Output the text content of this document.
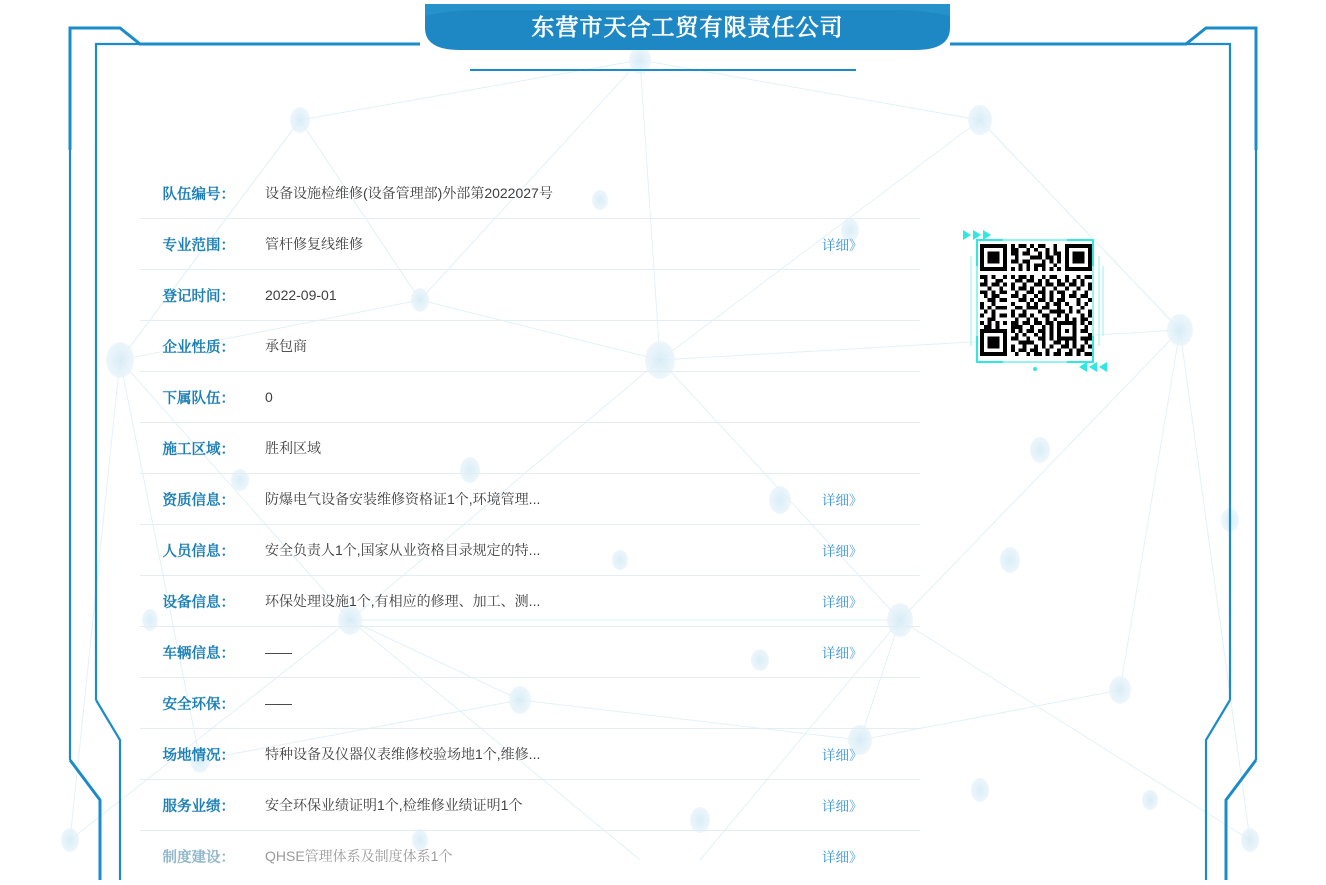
东营市天合工贸有限责任公司
队伍编号：	设备设施检维修(设备管理部)外部第2022027号
专业范围：	管杆修复线维修	详细》
登记时间：	2022-09-01
企业性质：	承包商
下属队伍：	0
施工区域：	胜利区域
资质信息：	防爆电气设备安装维修资格证1个,环境管理...	详细》
人员信息：	安全负责人1个,国家从业资格目录规定的特...	详细》
设备信息：	环保处理设施1个,有相应的修理、加工、测...	详细》
车辆信息：	——	详细》
安全环保：	——
场地情况：	特种设备及仪器仪表维修校验场地1个,维修...	详细》
服务业绩：	安全环保业绩证明1个,检维修业绩证明1个	详细》
制度建设：	QHSE管理体系及制度体系1个	详细》
